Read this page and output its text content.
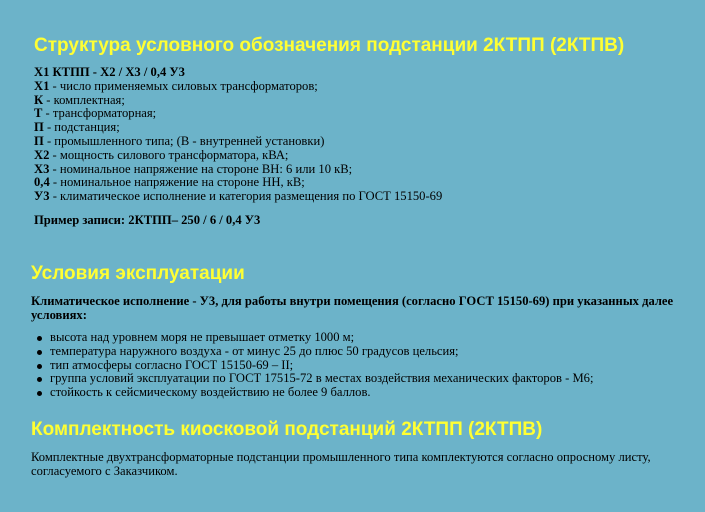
Структура условного обозначения подстанции 2КТПП (2КТПВ)
Х1 КТПП - Х2 / Х3 / 0,4 У3
Х1 - число применяемых силовых трансформаторов;
К - комплектная;
Т - трансформаторная;
П - подстанция;
П - промышленного типа; (В - внутренней установки)
Х2 - мощность силового трансформатора, кВА;
Х3 - номинальное напряжение на стороне ВН: 6 или 10 кВ;
0,4 - номинальное напряжение на стороне НН, кВ;
У3 - климатическое исполнение и категория размещения по ГОСТ 15150-69
Пример записи: 2КТПП– 250 / 6 / 0,4 У3
Условия эксплуатации
Климатическое исполнение - У3, для работы внутри помещения (согласно ГОСТ 15150-69) при указанных далее
условиях:
высота над уровнем моря не превышает отметку 1000 м;
температура наружного воздуха - от минус 25 до плюс 50 градусов цельсия;
тип атмосферы согласно ГОСТ 15150-69 – II;
группа условий эксплуатации по ГОСТ 17515-72 в местах воздействия механических факторов - М6;
стойкость к сейсмическому воздействию не более 9 баллов.
Комплектность киосковой подстанций 2КТПП (2КТПВ)
Комплектные двухтрансформаторные подстанции промышленного типа комплектуются согласно опросному листу,
согласуемого с Заказчиком.
